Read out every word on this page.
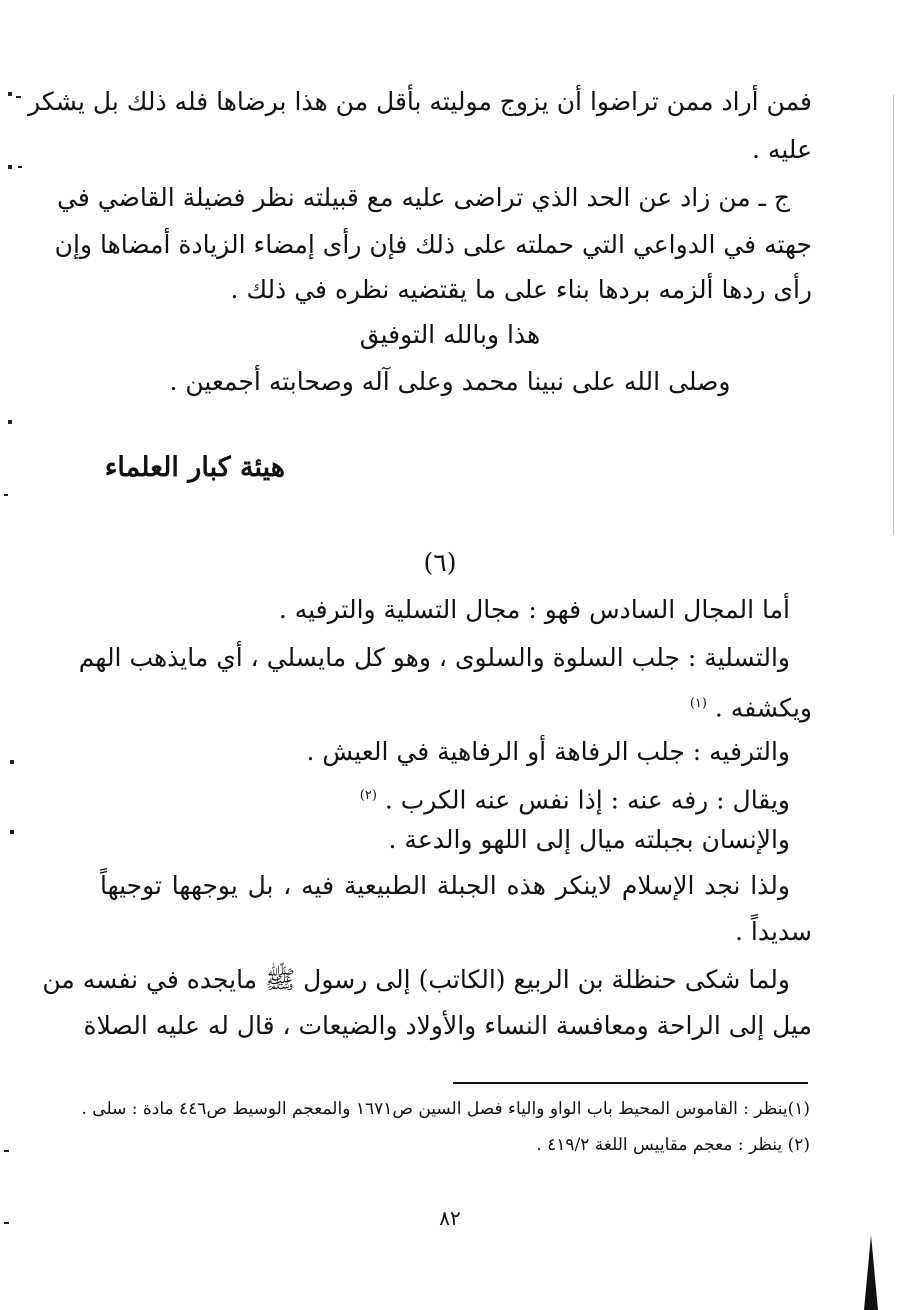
فمن أراد ممن تراضوا أن يزوج موليته بأقل من هذا برضاها فله ذلك بل يشكر
عليه .
ج ـ من زاد عن الحد الذي تراضى عليه مع قبيلته نظر فضيلة القاضي في
جهته في الدواعي التي حملته على ذلك فإن رأى إمضاء الزيادة أمضاها وإن
رأى ردها ألزمه بردها بناء على ما يقتضيه نظره في ذلك .
هذا وبالله التوفيق
وصلى الله على نبينا محمد وعلى آله وصحابته أجمعين .
هيئة كبار العلماء
(٦)
أما المجال السادس فهو : مجال التسلية والترفيه .
والتسلية : جلب السلوة والسلوى ، وهو كل مايسلي ، أي مايذهب الهم
ويكشفه . $^{(١)}$
والترفيه : جلب الرفاهة أو الرفاهية في العيش .
ويقال : رفه عنه : إذا نفس عنه الكرب . $^{(٢)}$
والإنسان بجبلته ميال إلى اللهو والدعة .
ولذا نجد الإسلام لاينكر هذه الجبلة الطبيعية فيه ، بل يوجهها توجيهاً
سديداً .
ولما شكى حنظلة بن الربيع (الكاتب) إلى رسول ﷺ مايجده في نفسه من
ميل إلى الراحة ومعافسة النساء والأولاد والضيعات ، قال له عليه الصلاة
(١)ينظر : القاموس المحيط باب الواو والياء فصل السين ص١٦٧١ والمعجم الوسيط ص٤٤٦ مادة : سلى .
(٢) ينظر : معجم مقاييس اللغة ٤١٩/٢ .
٨٢
